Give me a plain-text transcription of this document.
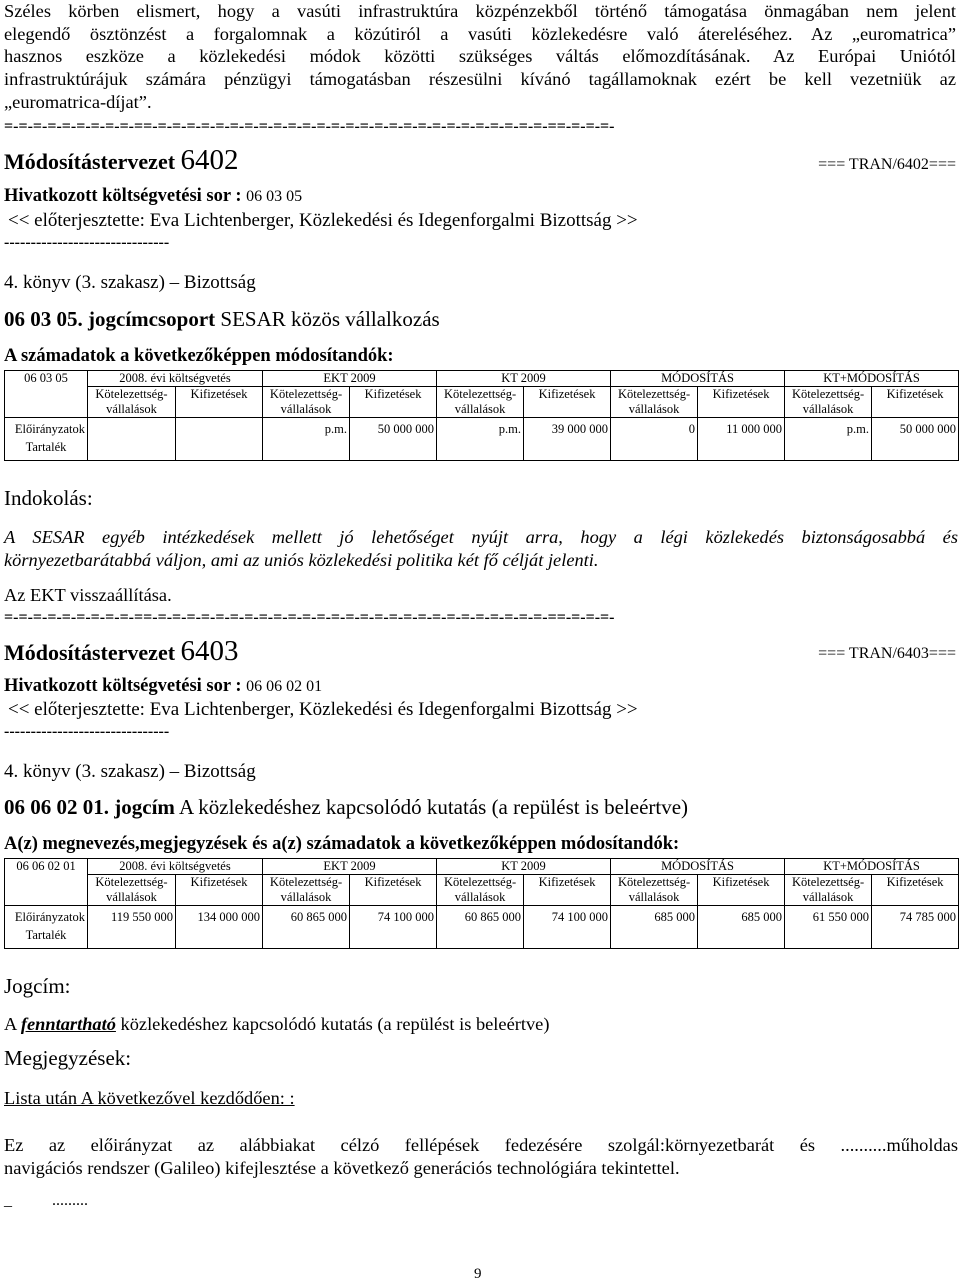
Széles körben elismert, hogy a vasúti infrastruktúra közpénzekből történő támogatása önmagában nem jelent
elegendő ösztönzést a forgalomnak a közútiról a vasúti közlekedésre való átereléséhez. Az „euromatrica”
hasznos eszköze a közlekedési módok közötti szükséges váltás előmozdításának. Az Európai Uniótól
infrastruktúrájuk számára pénzügyi támogatásban részesülni kívánó tagállamoknak ezért be kell vezetniük az
„euromatrica-díjat”.
=-=-=-=-=-=-=-=-=-==-=-=-=-=-=-=-=-=-=-=-=-=-=-=-=-=-=-=-=-=-=-=-=-=-=-=-=-==-=-=-=-
Módosítástervezet 6402	=== TRAN/6402===
Hivatkozott költségvetési sor : 06 03 05
<< előterjesztette: Eva Lichtenberger, Közlekedési és Idegenforgalmi Bizottság >>
-------------------------------
4. könyv (3. szakasz) – Bizottság
06 03 05. jogcímcsoport SESAR közös vállalkozás
A számadatok a következőképpen módosítandók:
06 03 05	2008. évi költségvetés		EKT 2009		KT 2009		MÓDOSÍTÁS		KT+MÓDOSÍTÁS	
	Kötelezettség-
vállalások	Kifizetések	Kötelezettség-
vállalások	Kifizetések	Kötelezettség-
vállalások	Kifizetések	Kötelezettség-
vállalások	Kifizetések	Kötelezettség-
vállalások	Kifizetések
Előirányzatok

Tartalék			p.m.	50 000 000	p.m.	39 000 000	0	11 000 000	p.m.	50 000 000
Indokolás:
A SESAR egyéb intézkedések mellett jó lehetőséget nyújt arra, hogy a légi közlekedés biztonságosabbá és
környezetbarátabbá váljon, ami az uniós közlekedési politika két fő célját jelenti.
Az EKT visszaállítása.
=-=-=-=-=-=-=-=-=-==-=-=-=-=-=-=-=-=-=-=-=-=-=-=-=-=-=-=-=-=-=-=-=-=-=-=-=-==-=-=-=-
Módosítástervezet 6403	=== TRAN/6403===
Hivatkozott költségvetési sor : 06 06 02 01
<< előterjesztette: Eva Lichtenberger, Közlekedési és Idegenforgalmi Bizottság >>
-------------------------------
4. könyv (3. szakasz) – Bizottság
06 06 02 01. jogcím A közlekedéshez kapcsolódó kutatás (a repülést is beleértve)
A(z) megnevezés,megjegyzések és a(z) számadatok a következőképpen módosítandók:
06 06 02 01	2008. évi költségvetés		EKT 2009		KT 2009		MÓDOSÍTÁS		KT+MÓDOSÍTÁS	
	Kötelezettség-
vállalások	Kifizetések	Kötelezettség-
vállalások	Kifizetések	Kötelezettség-
vállalások	Kifizetések	Kötelezettség-
vállalások	Kifizetések	Kötelezettség-
vállalások	Kifizetések
Előirányzatok

Tartalék	119 550 000	134 000 000	60 865 000	74 100 000	60 865 000	74 100 000	685 000	685 000	61 550 000	74 785 000
Jogcím:
A fenntartható közlekedéshez kapcsolódó kutatás (a repülést is beleértve)
Megjegyzések:
Lista után A következővel kezdődően: :
Ez az előirányzat az alábbiakat célzó fellépések fedezésére szolgál:környezetbarát és ..........műholdas
navigációs rendszer (Galileo) kifejlesztése a következő generációs technológiára tekintettel.
_          .........
9
